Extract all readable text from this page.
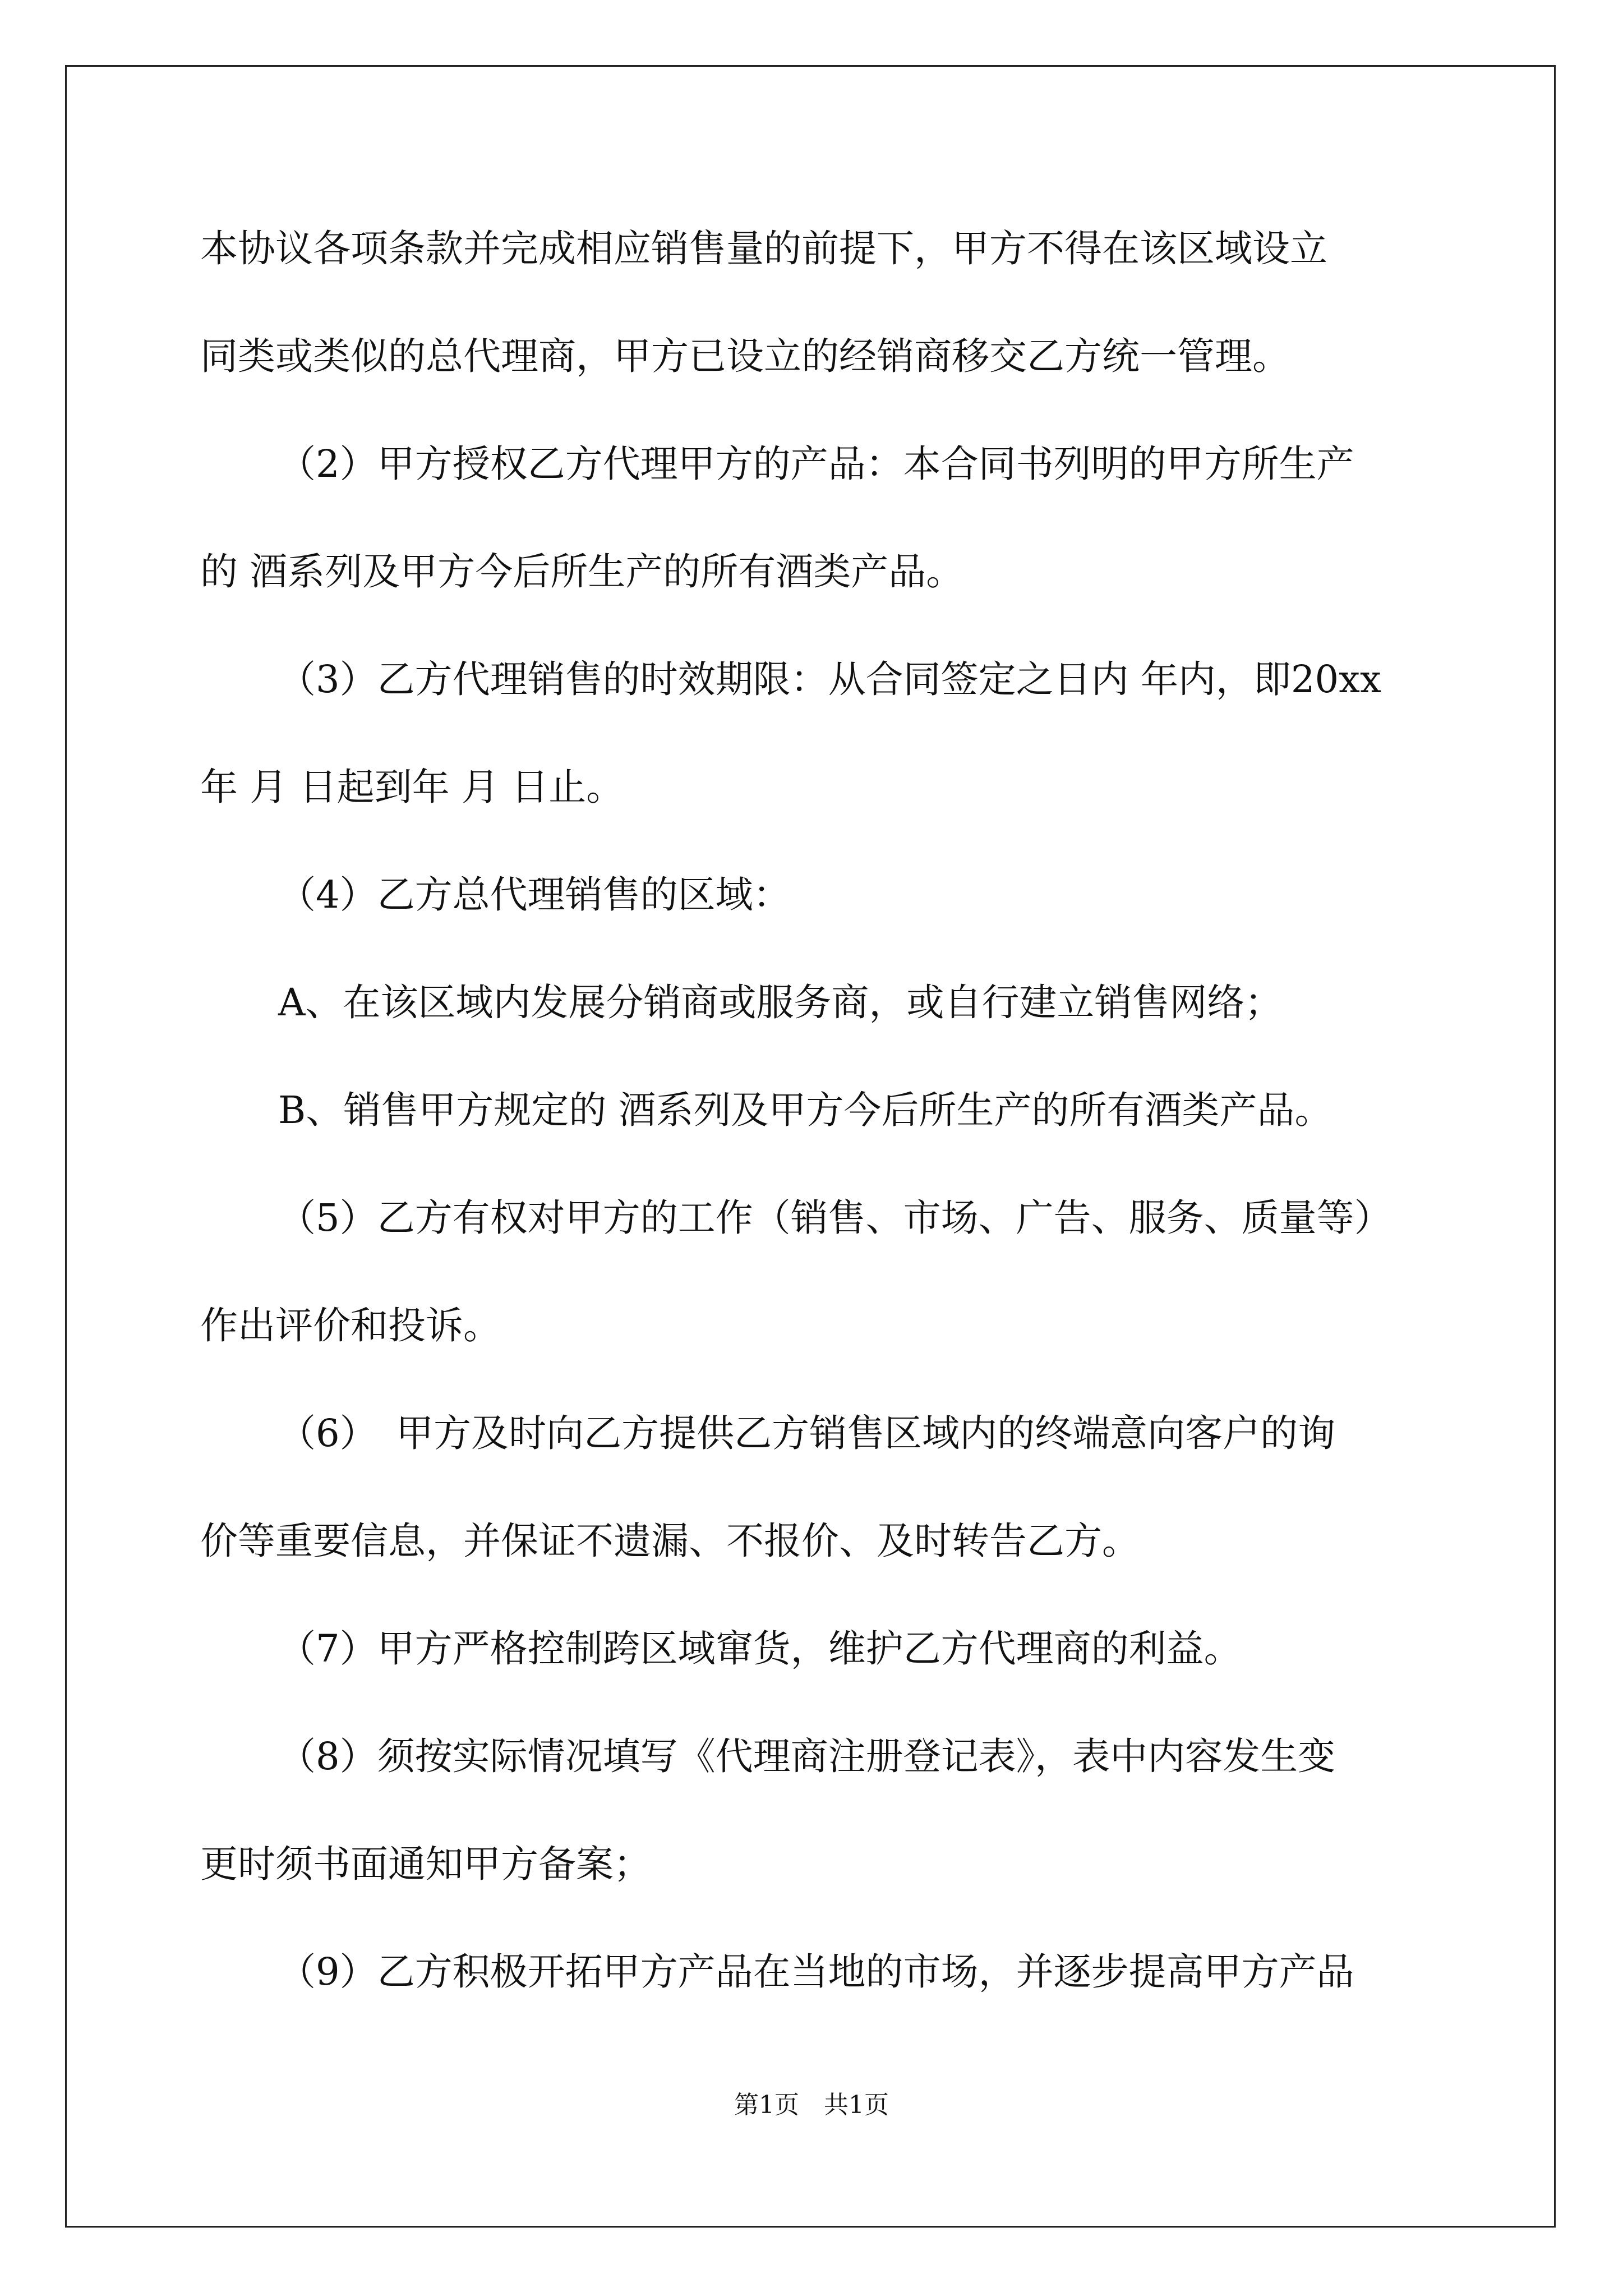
本协议各项条款并完成相应销售量的前提下，甲方不得在该区域设立
同类或类似的总代理商，甲方已设立的经销商移交乙方统一管理。
（2）甲方授权乙方代理甲方的产品：本合同书列明的甲方所生产
的 酒系列及甲方今后所生产的所有酒类产品。
（3）乙方代理销售的时效期限：从合同签定之日内 年内，即20xx
年 月 日起到年 月 日止。
（4）乙方总代理销售的区域：
A、在该区域内发展分销商或服务商，或自行建立销售网络；
B、销售甲方规定的 酒系列及甲方今后所生产的所有酒类产品。
（5）乙方有权对甲方的工作（销售、市场、广告、服务、质量等）
作出评价和投诉。
（6）　甲方及时向乙方提供乙方销售区域内的终端意向客户的询
价等重要信息，并保证不遗漏、不报价、及时转告乙方。
（7）甲方严格控制跨区域窜货，维护乙方代理商的利益。
（8）须按实际情况填写《代理商注册登记表》，表中内容发生变
更时须书面通知甲方备案；
（9）乙方积极开拓甲方产品在当地的市场，并逐步提高甲方产品
第1页　共1页
